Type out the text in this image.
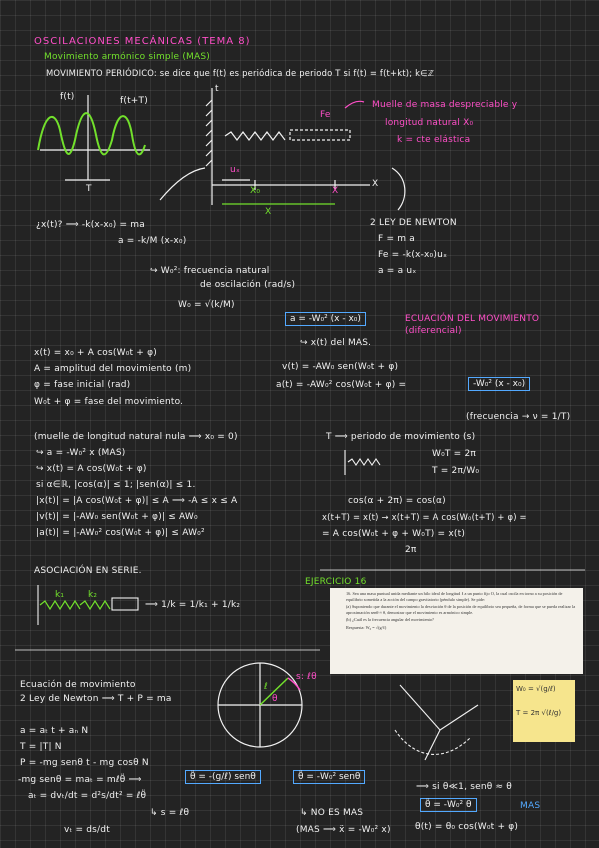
OSCILACIONES MECÁNICAS (TEMA 8)
Movimiento armónico simple (MAS)
MOVIMIENTO PERIÓDICO: se dice que f(t) es periódica de periodo T si f(t) = f(t+kt); k∈ℤ
f(t)	f(t+T)
T
t
Fe
Muelle de masa despreciable y
longitud natural X₀
k = cte elástica
uₓ
X₀	X
X
X
¿x(t)? ⟹ -k(x-x₀) = ma
a = -k/M (x-x₀)
↪ W₀²: frecuencia natural
de oscilación (rad/s)
W₀ = √(k/M)
2 LEY DE NEWTON
F = m a
Fe = -k(x-x₀)uₓ
a = a uₓ
a = -W₀² (x - x₀)	ECUACIÓN DEL MOVIMIENTO
(diferencial)
↪ x(t) del MAS.
x(t) = x₀ + A cos(W₀t + φ)
A = amplitud del movimiento (m)
φ = fase inicial (rad)
W₀t + φ = fase del movimiento.
v(t) = -AW₀ sen(W₀t + φ)
a(t) = -AW₀² cos(W₀t + φ) =	-W₀² (x - x₀)
(frecuencia → ν = 1/T)
T ⟹ periodo de movimiento (s)
W₀T = 2π
T = 2π/W₀
cos(α + 2π) = cos(α)
x(t+T) = x(t) → x(t+T) = A cos(W₀(t+T) + φ) =
= A cos(W₀t + φ + W₀T) = x(t)
2π
(muelle de longitud natural nula ⟹ x₀ = 0)
↪ a = -W₀² x (MAS)
↪ x(t) = A cos(W₀t + φ)
si α∈ℝ, |cos(α)| ≤ 1; |sen(α)| ≤ 1.
|x(t)| = |A cos(W₀t + φ)| ≤ A ⟹ -A ≤ x ≤ A
|v(t)| = |-AW₀ sen(W₀t + φ)| ≤ AW₀
|a(t)| = |-AW₀² cos(W₀t + φ)| ≤ AW₀²
ASOCIACIÓN EN SERIE.
k₁	k₂
⟹ 1/k = 1/k₁ + 1/k₂
EJERCICIO 16

16. Sea una masa puntual unida mediante un hilo ideal de longitud ℓ a un punto fijo O, la cual oscila en torno a su posición de equilibrio sometida a la acción del campo gravitatorio (péndulo simple). Se pide:

(a) Suponiendo que durante el movimiento la desviación θ de la posición de equilibrio sea pequeña, de forma que se pueda realizar la aproximación senθ ≈ θ, demostrar que el movimiento es armónico simple.

(b) ¿Cuál es la frecuencia angular del movimiento?

Respuesta: W₀ = √(g/ℓ)

s: ℓθ
ℓ
θ
Ecuación de movimiento
2 Ley de Newton ⟹ T + P = ma
a = aₜ t + aₙ N
T = |T| N
P = -mg senθ t - mg cosθ N
-mg senθ = maₜ = mℓθ̈ ⟹
aₜ = dvₜ/dt = d²s/dt² = ℓθ̈
vₜ = ds/dt
↳ s = ℓθ
θ̈ = -(g/ℓ) senθ	θ̈ = -W₀² senθ
↳ NO ES MAS
(MAS ⟹ ẍ = -W₀² x)
⟹ si θ≪1, senθ ≈ θ
θ̈ = -W₀² θ	MAS
θ(t) = θ₀ cos(W₀t + φ)
W₀ = √(g/ℓ)
T = 2π √(ℓ/g)
